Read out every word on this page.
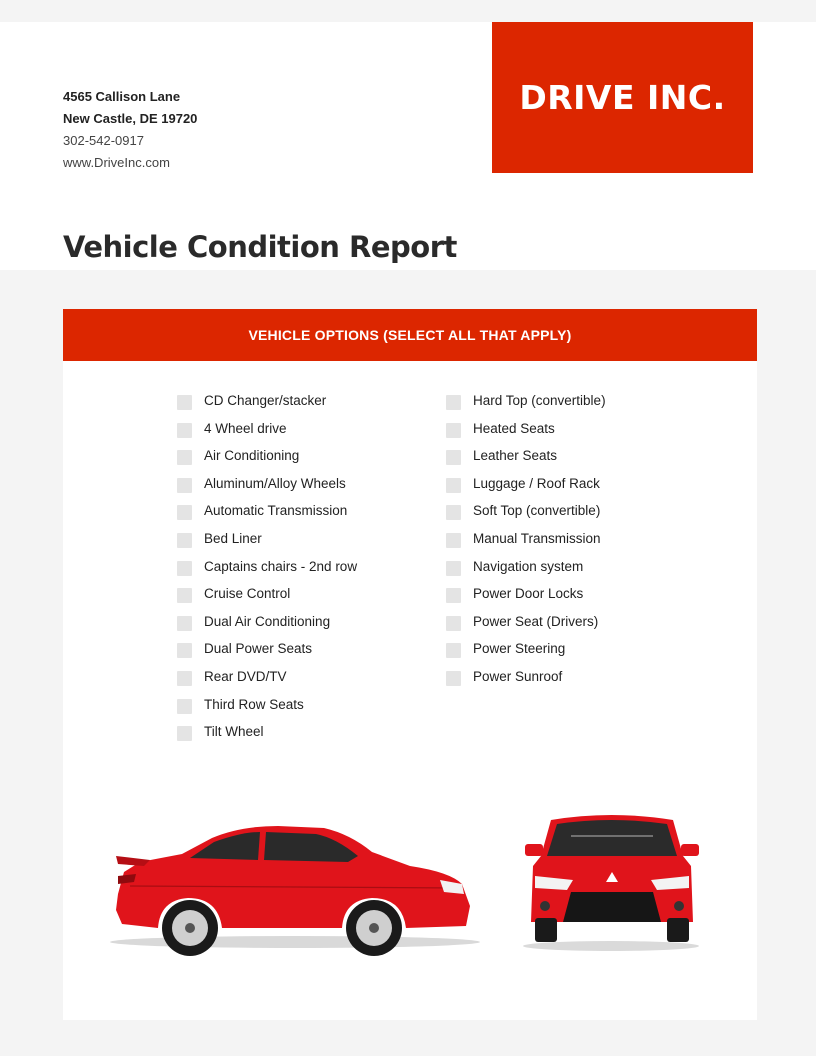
4565 Callison Lane
New Castle, DE 19720
302-542-0917
www.DriveInc.com
DRIVE INC.
Vehicle Condition Report
VEHICLE OPTIONS (SELECT ALL THAT APPLY)
CD Changer/stacker
4 Wheel drive
Air Conditioning
Aluminum/Alloy Wheels
Automatic Transmission
Bed Liner
Captains chairs - 2nd row
Cruise Control
Dual Air Conditioning
Dual Power Seats
Rear DVD/TV
Third Row Seats
Tilt Wheel
Hard Top (convertible)
Heated Seats
Leather Seats
Luggage / Roof Rack
Soft Top (convertible)
Manual Transmission
Navigation system
Power Door Locks
Power Seat (Drivers)
Power Steering
Power Sunroof
